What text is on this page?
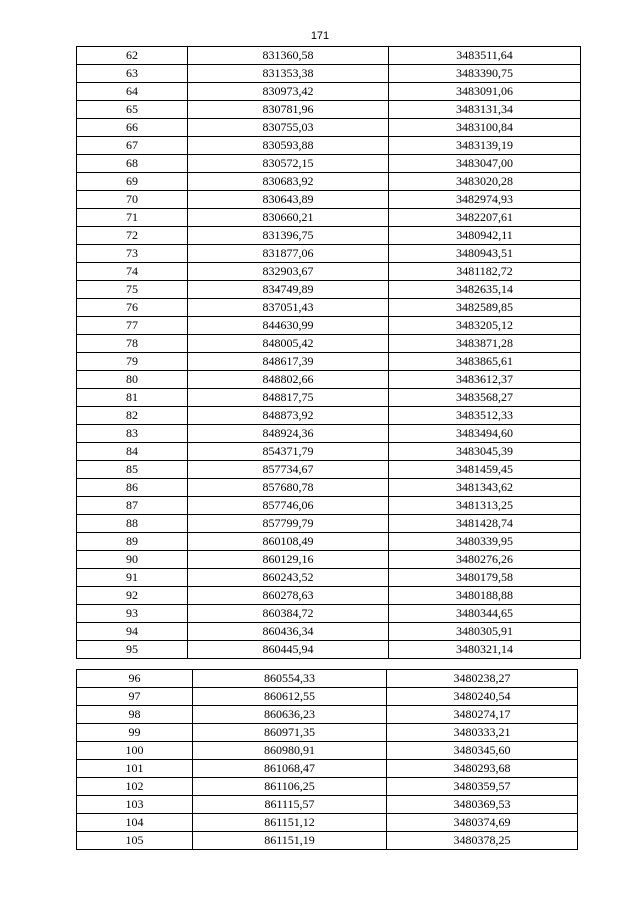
171
62	831360,58	3483511,64
63	831353,38	3483390,75
64	830973,42	3483091,06
65	830781,96	3483131,34
66	830755,03	3483100,84
67	830593,88	3483139,19
68	830572,15	3483047,00
69	830683,92	3483020,28
70	830643,89	3482974,93
71	830660,21	3482207,61
72	831396,75	3480942,11
73	831877,06	3480943,51
74	832903,67	3481182,72
75	834749,89	3482635,14
76	837051,43	3482589,85
77	844630,99	3483205,12
78	848005,42	3483871,28
79	848617,39	3483865,61
80	848802,66	3483612,37
81	848817,75	3483568,27
82	848873,92	3483512,33
83	848924,36	3483494,60
84	854371,79	3483045,39
85	857734,67	3481459,45
86	857680,78	3481343,62
87	857746,06	3481313,25
88	857799,79	3481428,74
89	860108,49	3480339,95
90	860129,16	3480276,26
91	860243,52	3480179,58
92	860278,63	3480188,88
93	860384,72	3480344,65
94	860436,34	3480305,91
95	860445,94	3480321,14
96	860554,33	3480238,27
97	860612,55	3480240,54
98	860636,23	3480274,17
99	860971,35	3480333,21
100	860980,91	3480345,60
101	861068,47	3480293,68
102	861106,25	3480359,57
103	861115,57	3480369,53
104	861151,12	3480374,69
105	861151,19	3480378,25
